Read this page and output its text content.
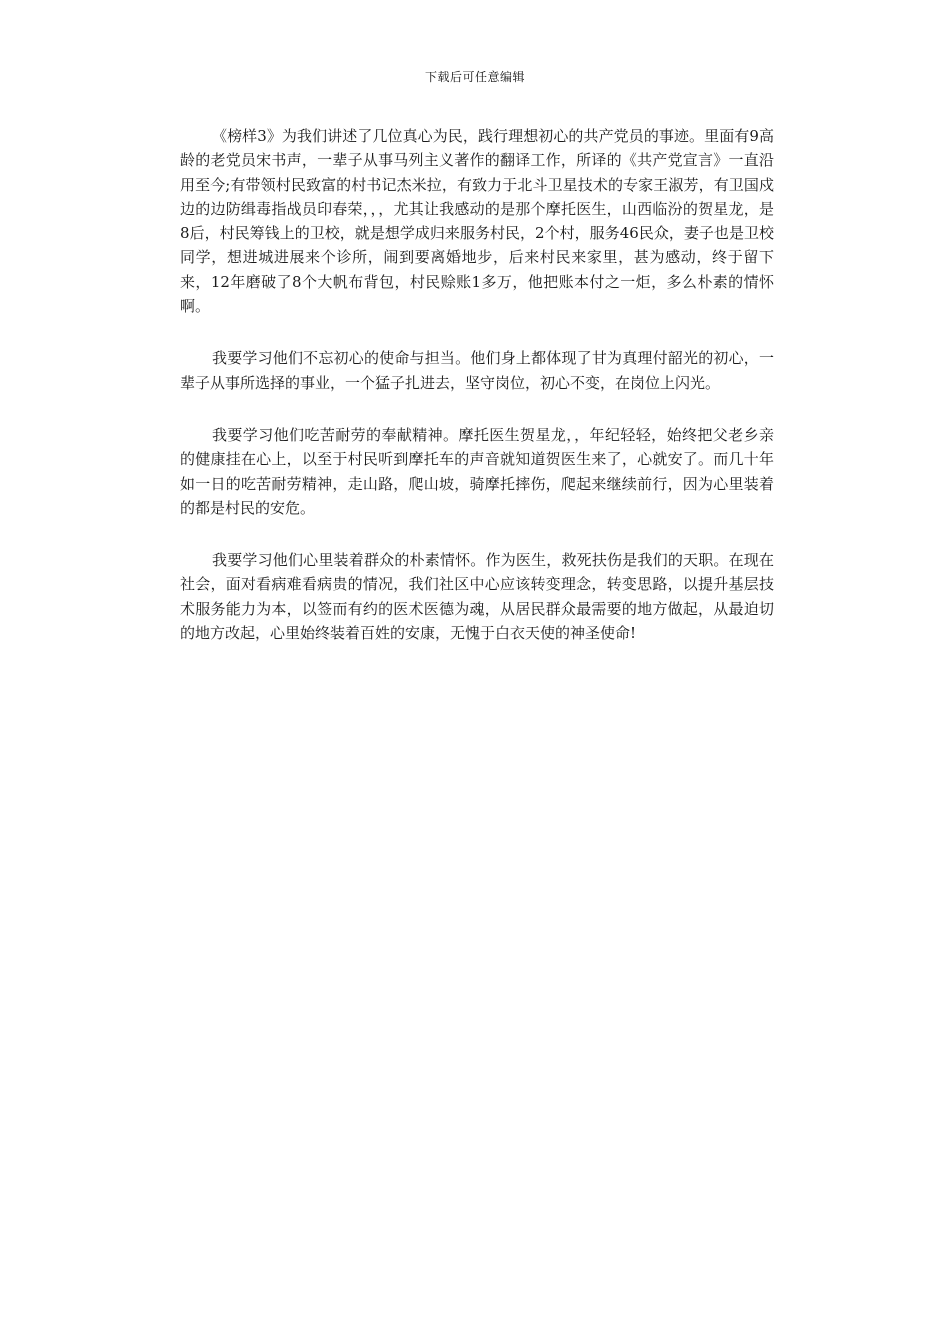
下载后可任意编辑

《榜样3》为我们讲述了几位真心为民，践行理想初心的共产党员的事迹。里面有9高龄的老党员宋书声，一辈子从事马列主义著作的翻译工作，所译的《共产党宣言》一直沿用至今;有带领村民致富的村书记杰米拉，有致力于北斗卫星技术的专家王淑芳，有卫国戍边的边防缉毒指战员印春荣，，，尤其让我感动的是那个摩托医生，山西临汾的贺星龙，是8后，村民筹钱上的卫校，就是想学成归来服务村民，2个村，服务46民众，妻子也是卫校同学，想进城进展来个诊所，闹到要离婚地步，后来村民来家里，甚为感动，终于留下来，12年磨破了8个大帆布背包，村民赊账1多万，他把账本付之一炬，多么朴素的情怀啊。

我要学习他们不忘初心的使命与担当。他们身上都体现了甘为真理付韶光的初心，一辈子从事所选择的事业，一个猛子扎进去，坚守岗位，初心不变，在岗位上闪光。

我要学习他们吃苦耐劳的奉献精神。摩托医生贺星龙，，年纪轻轻，始终把父老乡亲的健康挂在心上，以至于村民听到摩托车的声音就知道贺医生来了，心就安了。而几十年如一日的吃苦耐劳精神，走山路，爬山坡，骑摩托摔伤，爬起来继续前行，因为心里装着的都是村民的安危。

我要学习他们心里装着群众的朴素情怀。作为医生，救死扶伤是我们的天职。在现在社会，面对看病难看病贵的情况，我们社区中心应该转变理念，转变思路，以提升基层技术服务能力为本，以签而有约的医术医德为魂，从居民群众最需要的地方做起，从最迫切的地方改起，心里始终装着百姓的安康，无愧于白衣天使的神圣使命!
